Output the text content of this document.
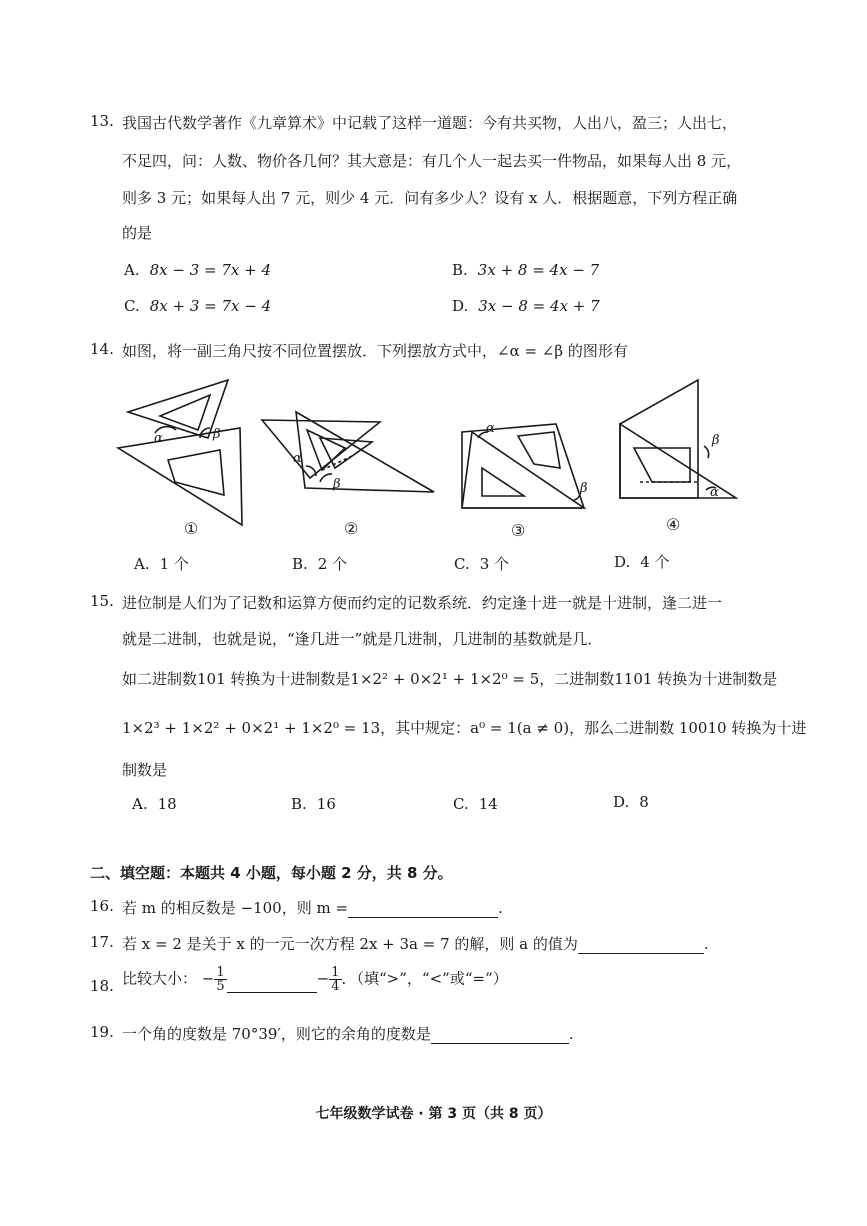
13. 我国古代数学著作《九章算术》中记载了这样一道题：今有共买物，人出八，盈三；人出七，
不足四，问：人数、物价各几何？其大意是：有几个人一起去买一件物品，如果每人出 8 元，
则多 3 元；如果每人出 7 元，则少 4 元．问有多少人？设有 x 人．根据题意，下列方程正确
的是
A. 8x − 3 = 7x + 4	B. 3x + 8 = 4x − 7
C. 8x + 3 = 7x − 4	D. 3x − 8 = 4x + 7
14. 如图，将一副三角尺按不同位置摆放．下列摆放方式中，∠α = ∠β 的图形有
α	β
α
β
α
β
β
α
①	②	③	④
A. 1 个	B. 2 个	C. 3 个	D. 4 个
15. 进位制是人们为了记数和运算方便而约定的记数系统．约定逢十进一就是十进制，逢二进一
就是二进制，也就是说，“逢几进一”就是几进制，几进制的基数就是几．
如二进制数101 转换为十进制数是1×2² + 0×2¹ + 1×2⁰ = 5，二进制数1101 转换为十进制数是
1×2³ + 1×2² + 0×2¹ + 1×2⁰ = 13，其中规定：a⁰ = 1(a ≠ 0)，那么二进制数 10010 转换为十进
制数是
A. 18	B. 16	C. 14	D. 8
二、填空题：本题共 4 小题，每小题 2 分，共 8 分。
16. 若 m 的相反数是 −100，则 m =	.
17. 若 x = 2 是关于 x 的一元一次方程 2x + 3a = 7 的解，则 a 的值为	.
18. 比较大小： − $\frac{1}{5}$	− $\frac{1}{4}$ ．（填“>”，“<”或“=”）
19. 一个角的度数是 70°39′，则它的余角的度数是	.
七年级数学试卷 · 第 3 页（共 8 页）
